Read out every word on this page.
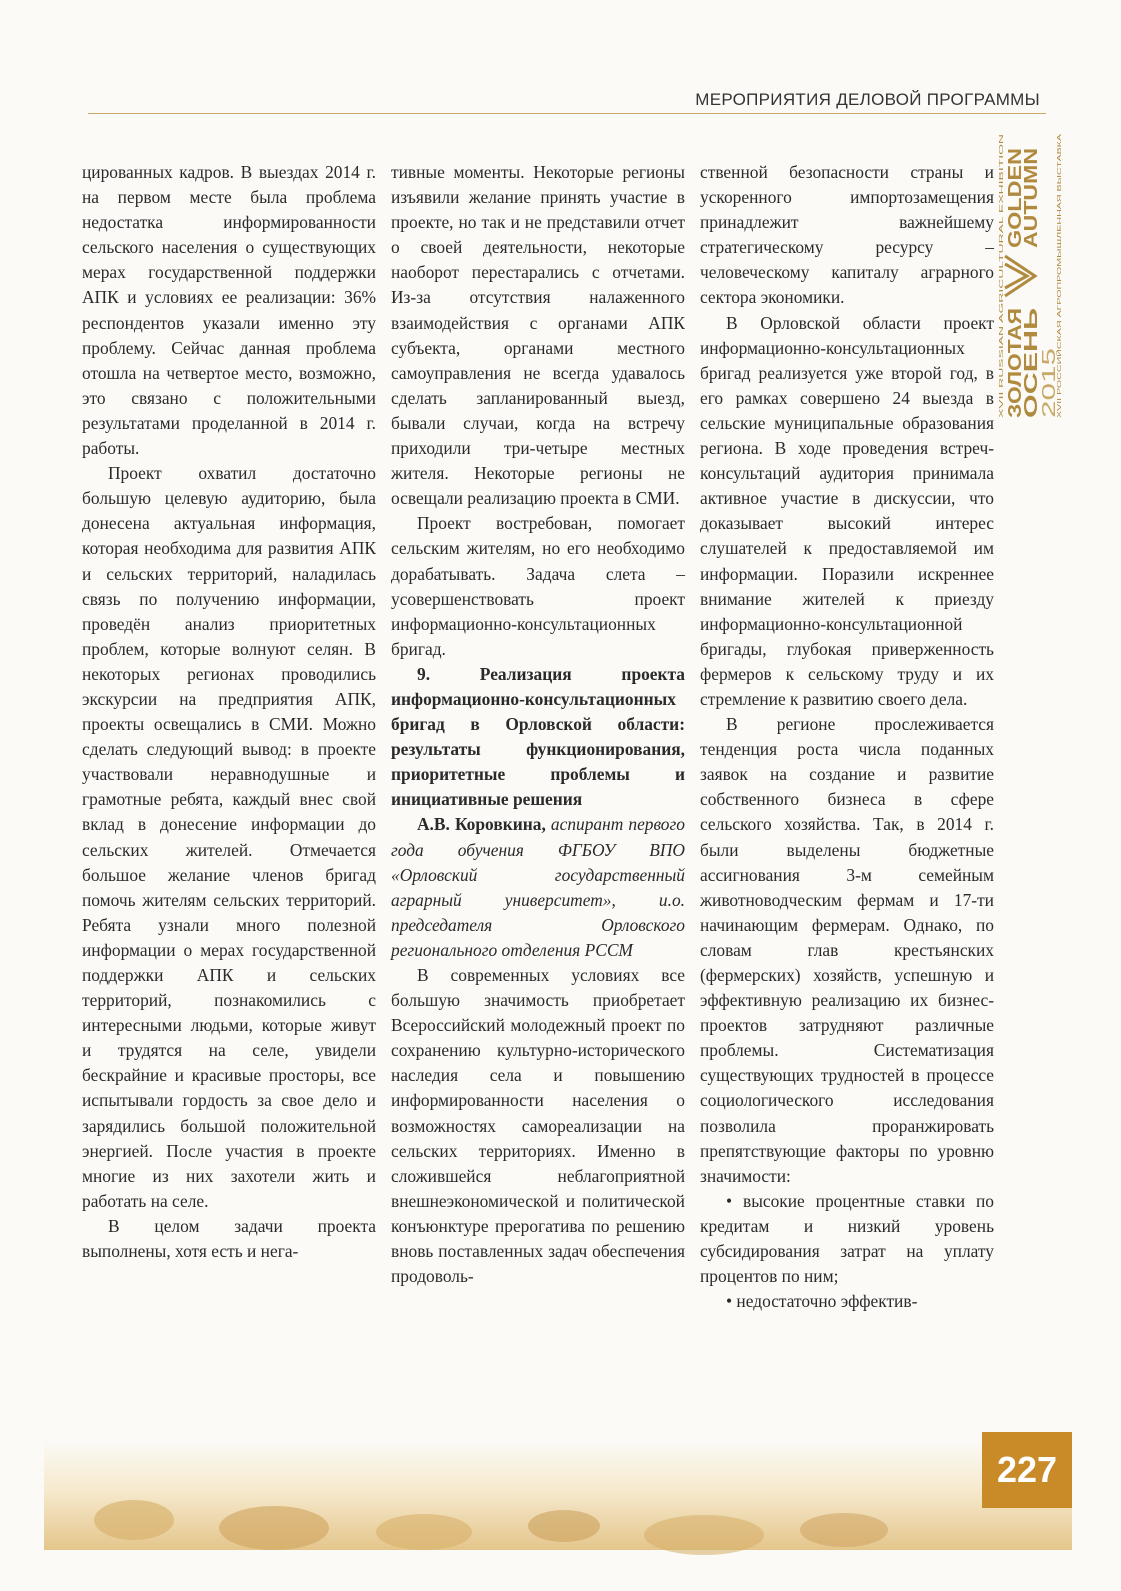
МЕРОПРИЯТИЯ ДЕЛОВОЙ ПРОГРАММЫ
XVII RUSSIAN AGRICULTURAL EXHIBITION ЗОЛОТАЯ
ОСЕНЬ
2015
GOLDEN
AUTUMN
XVII РОССИЙСКАЯ АГРОПРОМЫШЛЕННАЯ ВЫСТАВКА

цированных кадров. В выездах 2014 г. на первом месте была проблема недостатка информированности сельского населения о существующих мерах государственной поддержки АПК и условиях ее реализации: 36% респондентов указали именно эту проблему. Сейчас данная проблема отошла на четвертое место, возможно, это связано с положительными результатами проделанной в 2014 г. работы.

Проект охватил достаточно большую целевую аудиторию, была донесена актуальная информация, которая необходима для развития АПК и сельских территорий, наладилась связь по получению информации, проведён анализ приоритетных проблем, которые волнуют селян. В некоторых регионах проводились экскурсии на предприятия АПК, проекты освещались в СМИ. Можно сделать следующий вывод: в проекте участвовали неравнодушные и грамотные ребята, каждый внес свой вклад в донесение информации до сельских жителей. Отмечается большое желание членов бригад помочь жителям сельских территорий. Ребята узнали много полезной информации о мерах государственной поддержки АПК и сельских территорий, познакомились с интересными людьми, которые живут и трудятся на селе, увидели бескрайние и красивые просторы, все испытывали гордость за свое дело и зарядились большой положительной энергией. После участия в проекте многие из них захотели жить и работать на селе.

В целом задачи проекта выполнены, хотя есть и нега-

тивные моменты. Некоторые регионы изъявили желание принять участие в проекте, но так и не представили отчет о своей деятельности, некоторые наоборот перестарались с отчетами. Из-за отсутствия налаженного взаимодействия с органами АПК субъекта, органами местного самоуправления не всегда удавалось сделать запланированный выезд, бывали случаи, когда на встречу приходили три-четыре местных жителя. Некоторые регионы не освещали реализацию проекта в СМИ.

Проект востребован, помогает сельским жителям, но его необходимо дорабатывать. Задача слета – усовершенствовать проект информационно-консультационных бригад.

9. Реализация проекта информационно-консультационных бригад в Орловской области: результаты функционирования, приоритетные проблемы и инициативные решения

А.В. Коровкина, аспирант первого года обучения ФГБОУ ВПО «Орловский государственный аграрный университет», и.о. председателя Орловского регионального отделения РССМ

В современных условиях все большую значимость приобретает Всероссийский молодежный проект по сохранению культурно-исторического наследия села и повышению информированности населения о возможностях самореализации на сельских территориях. Именно в сложившейся неблагоприятной внешнеэкономической и политической конъюнктуре прерогатива по решению вновь поставленных задач обеспечения продоволь-

ственной безопасности страны и ускоренного импортозамещения принадлежит важнейшему стратегическому ресурсу – человеческому капиталу аграрного сектора экономики.

В Орловской области проект информационно-консультационных бригад реализуется уже второй год, в его рамках совершено 24 выезда в сельские муниципальные образования региона. В ходе проведения встреч-консультаций аудитория принимала активное участие в дискуссии, что доказывает высокий интерес слушателей к предоставляемой им информации. Поразили искреннее внимание жителей к приезду информационно-консультационной бригады, глубокая приверженность фермеров к сельскому труду и их стремление к развитию своего дела.

В регионе прослеживается тенденция роста числа поданных заявок на создание и развитие собственного бизнеса в сфере сельского хозяйства. Так, в 2014 г. были выделены бюджетные ассигнования 3-м семейным животноводческим фермам и 17-ти начинающим фермерам. Однако, по словам глав крестьянских (фермерских) хозяйств, успешную и эффективную реализацию их бизнес-проектов затрудняют различные проблемы. Систематизация существующих трудностей в процессе социологического исследования позволила проранжировать препятствующие факторы по уровню значимости:

• высокие процентные ставки по кредитам и низкий уровень субсидирования затрат на уплату процентов по ним;

• недостаточно эффектив-

227
